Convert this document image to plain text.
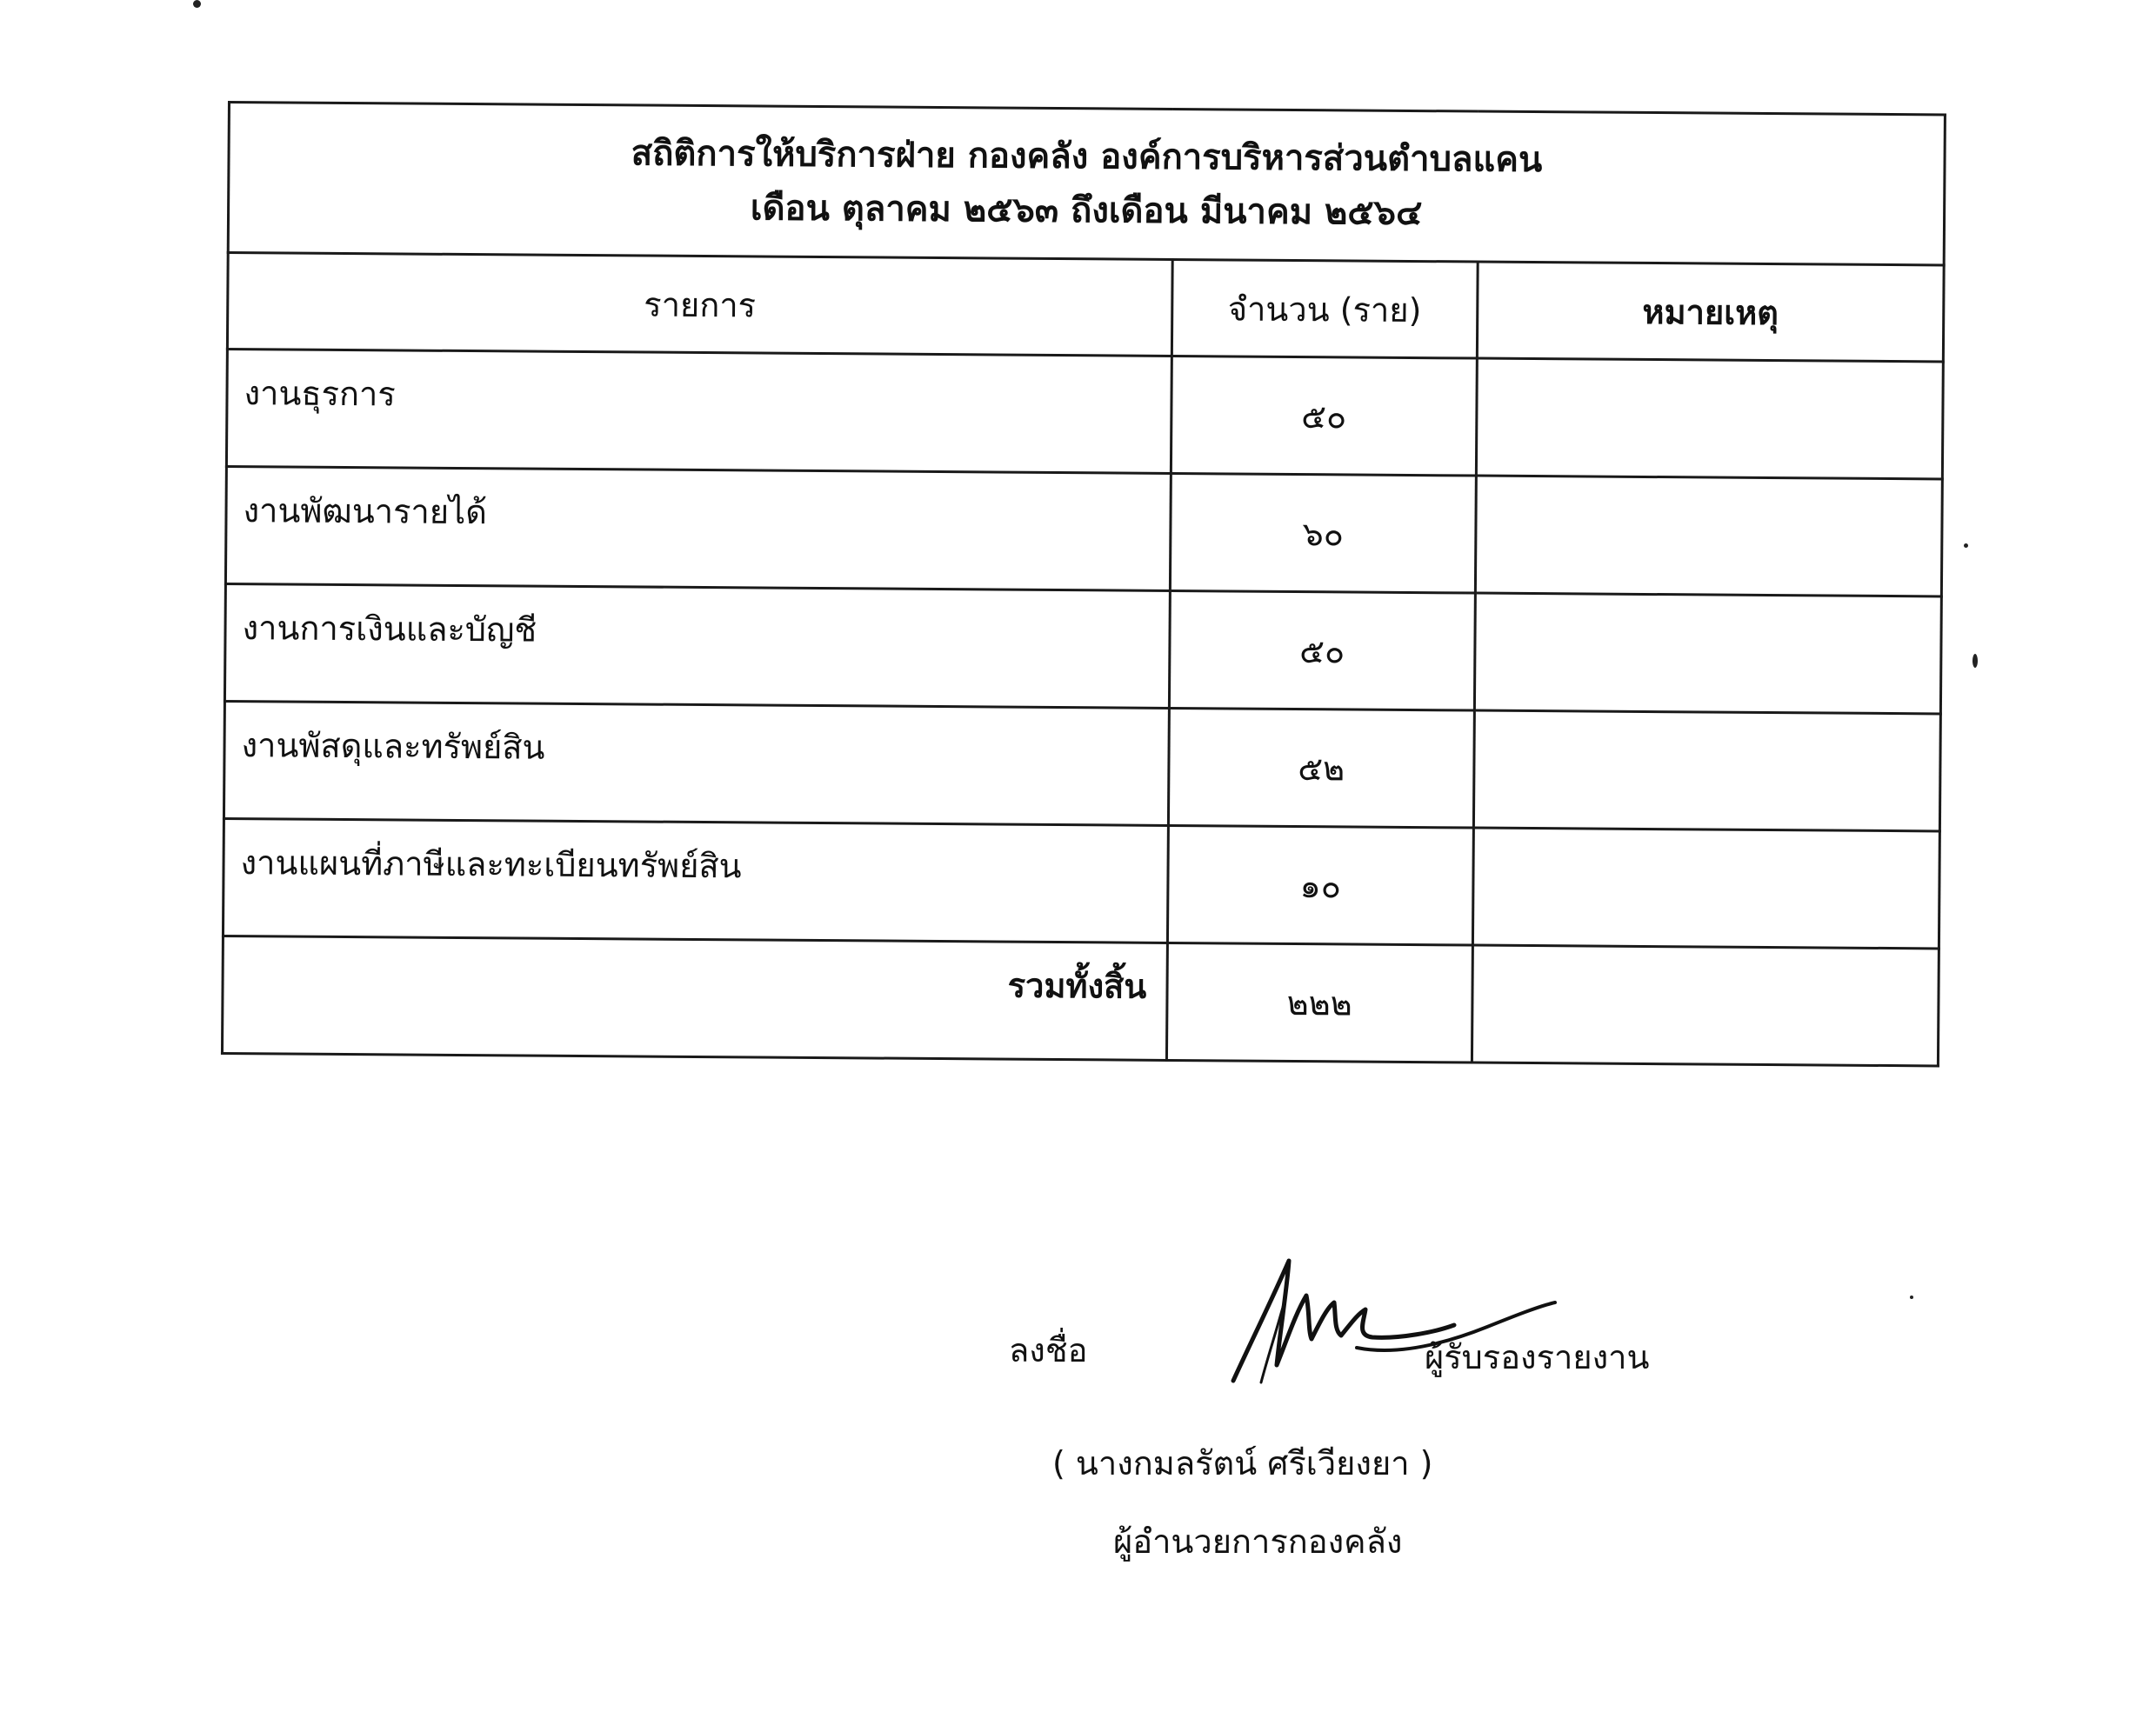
สถิติการให้บริการฝ่าย กองคลัง องค์การบริหารส่วนตำบลแคน
เดือน ตุลาคม ๒๕๖๓ ถึงเดือน มีนาคม ๒๕๖๔		

รายการ	จำนวน (ราย)	หมายเหตุ
งานธุรการ	๕๐	
งานพัฒนารายได้	๖๐	
งานการเงินและบัญชี	๕๐	
งานพัสดุและทรัพย์สิน	๕๒	
งานแผนที่ภาษีและทะเบียนทรัพย์สิน	๑๐	
รวมทั้งสิ้น	๒๒๒	
ลงชื่อ	ผู้รับรองรายงาน
( นางกมลรัตน์ ศรีเวียงยา )
ผู้อำนวยการกองคลัง
